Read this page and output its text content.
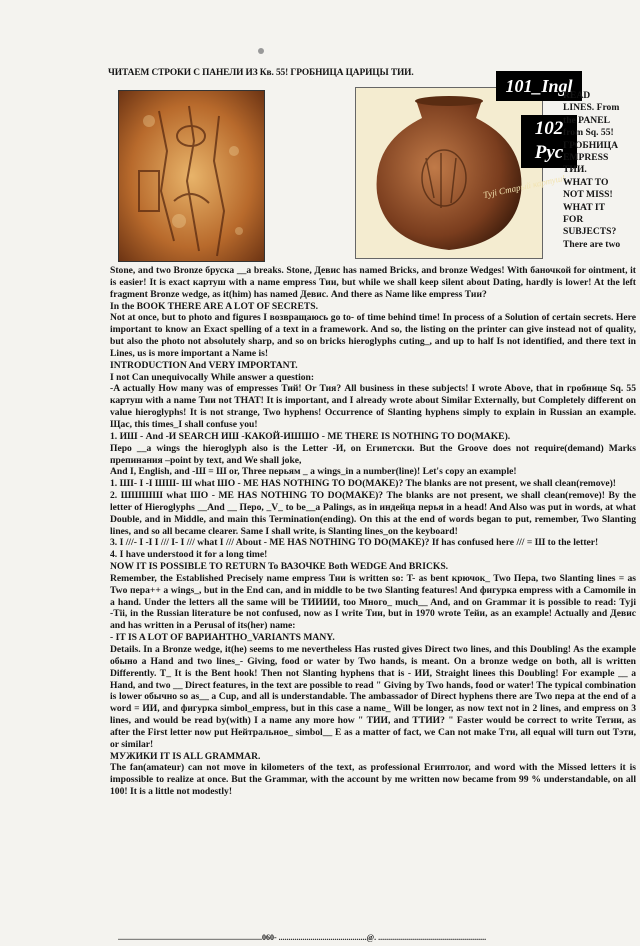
ЧИТАЕМ СТРОКИ С ПАНЕЛИ ИЗ Кв. 55! ГРОБНИЦА ЦАРИЦЫ ТИИ.
Туji Старый картуш!
101_Ingl
102
Рус
READ
LINES. From
the PANEL
from Sq. 55!
ГРОБНИЦА
EMPRESS
ТИИ.
WHAT TO
NOT MISS!
WHAT IT
FOR
SUBJECTS?
There are two

Stone, and two Bronze бруска __a breaks. Stone, Девис has named Bricks, and bronze Wedges! With баночкой for ointment, it is easier! It is exact картуш with a name empress Тии, but while we shall keep silent about Dating, hardly is lower! At the left fragment Bronze wedge, as it(him) has named Девис. And there as Name like empress Тии?

In the BOOK THERE ARE A LOT OF SECRETS.

Not at once, but to photo and figures I возвращаюсь go to- of time behind time! In process of a Solution of certain secrets. Here important to know an Exact spelling of a text in a framework. And so, the listing on the printer can give instead not of quality, but also the photo not absolutely sharp, and so on bricks hieroglyphs cuting_, and up to half Is not identified, and there text in Lines, us is more important a Name is!

INTRODUCTION And VERY IMPORTANT.

I not Can unequivocally While answer a question:

-A actually How many was of empresses Тий! Or Тия? All business in these subjects! I wrote Above, that in гробнице Sq. 55 картуш with a name Тии not THAT! It is important, and I already wrote about Similar Externally, but Completely different on value hieroglyphs! It is not strange, Two hyphens! Occurrence of Slanting hyphens simply to explain in Russian an example. Щас, this times_I shall confuse you!

1. ИШ - And -И SEARCH ИШ -КАКОЙ-ИШШО - ME THERE IS NOTHING TO DO(MAKE).

Перо __a wings the hieroglyph also is the Letter -И, on Египетски. But the Groove does not require(demand) Marks препинания –point by text, and We shall joke,

And I, English, and -Ш = Ш or, Three перьям _ a wings_in a number(line)! Let's copy an example!

1. ШI- I -I ШШ- Ш what ШО - ME HAS NOTHING TO DO(MAKE)? The blanks are not present, we shall clean(remove)!

2. ШШШШ what ШО - ME HAS NOTHING TO DO(MAKE)? The blanks are not present, we shall clean(remove)! By the letter of Hieroglyphs __And __ Перо, _V_ to be__a Palings, as in индейца перья in a head! And Also was put in words, at what Double, and in Middle, and main this Termination(ending). On this at the end of words began to put, remember, Two Slanting lines, and so all became clearer. Same I shall write, is Slanting lines_on the keyboard!

3. I ///- I -I I /// I- I /// what I /// About - ME HAS NOTHING TO DO(MAKE)? If has confused here /// = Ш to the letter!

4. I have understood it for a long time!

NOW IT IS POSSIBLE TO RETURN To ВАЗОЧКЕ Both WEDGE And BRICKS.

Remember, the Established Precisely name empress Тии is written so: T- as bent крючок_ Two Пера, two Slanting lines = as Two пера++ a wings_, but in the End can, and in middle to be two Slanting features! And фигурка empress with a Camomile in a hand. Under the letters all the same will be ТИИИИ, too Много_ much__ And, and on Grammar it is possible to read: Туji -Тіі, in the Russian literature be not confused, now as I write Тии, but in 1970 wrote Тейи, as an example! Actually and Девис and has written in a Perusal of its(her) name:

- IT IS A LOT OF ВАРИАНТНО_VARIANTS MANY.

Details. In a Bronze wedge, it(he) seems to me nevertheless Has rusted gives Direct two lines, and this Doubling! As the example обыно a Hand and two lines_- Giving, food or water by Two hands, is meant. On a bronze wedge on both, all is written Differently. T_ It is the Bent hook! Then not Slanting hyphens that is - ИИ, Straight linees this Doubling! For example __ a Hand, and two __ Direct features, in the text are possible to read " Giving by Two hands, food or water! The typical combination is lower обычно so as__ a Cup, and all is understandable. The ambassador of Direct hyphens there are Two пера at the end of a word = ИИ, and фигурка simbol_empress, but in this case a name_ Will be longer, as now text not in 2 lines, and empress on 3 lines, and would be read by(with) I a name any more how " ТИИ, and ТТИИ? " Faster would be correct to write Тетии, as after the First letter now put Нейтральное_ simbol__ E as a matter of fact, we Can not make Тти, all equal will turn out Тэти, or similar!

МУЖИКИ IT IS ALL GRAMMAR.

The fan(amateur) can not move in kilometers of the text, as professional Египтолог, and word with the Missed letters it is impossible to realize at once. But the Grammar, with the account by me written now became from 99 % understandable, on all 100! It is a little not modestly!

........................................................................060- ............................................@. ......................................................
